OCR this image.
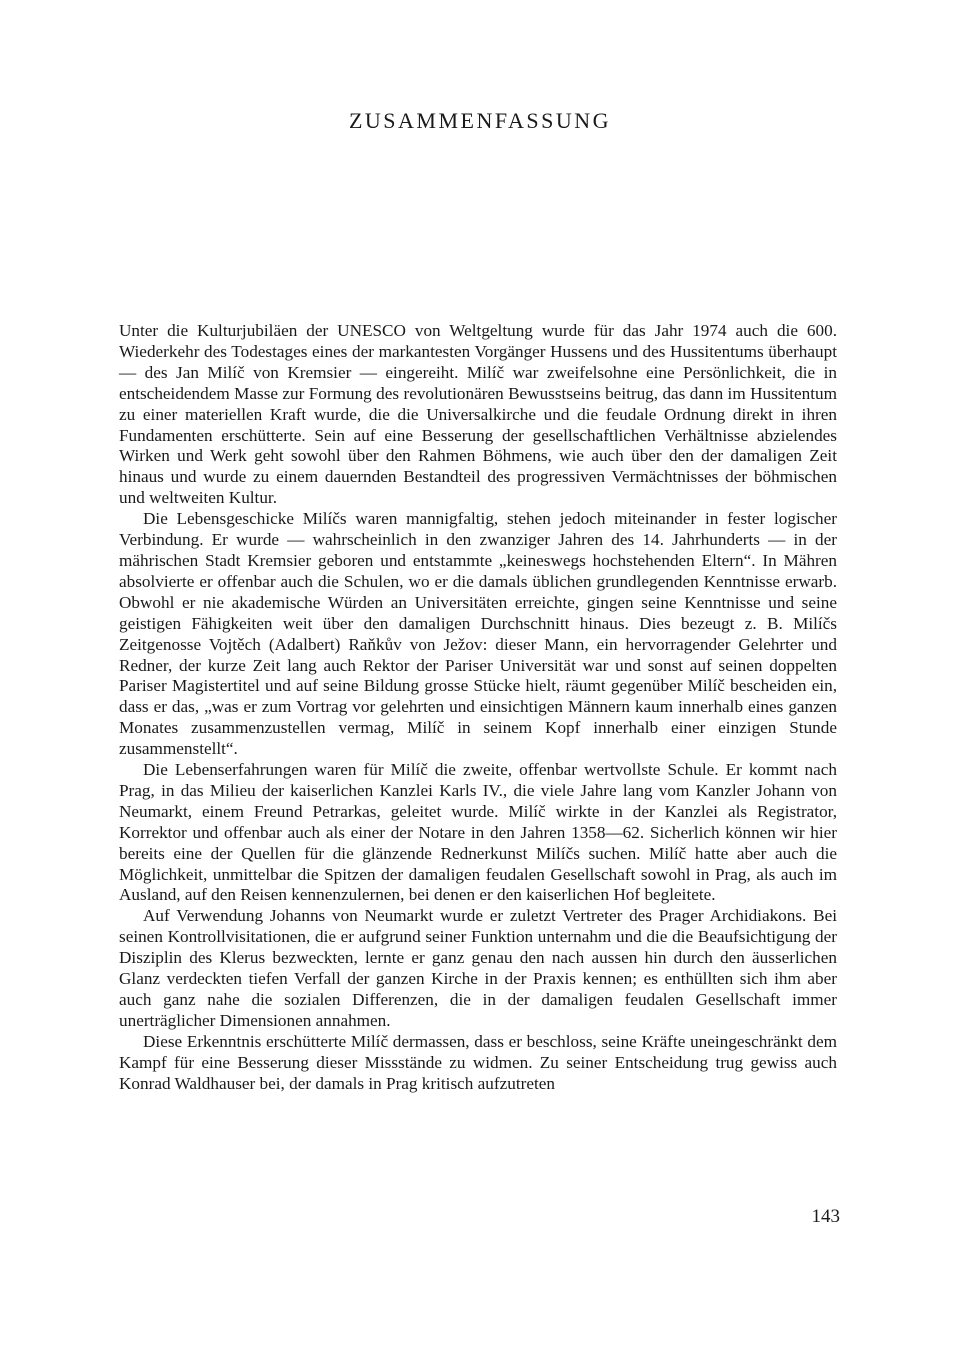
ZUSAMMENFASSUNG

Unter die Kulturjubiläen der UNESCO von Weltgeltung wurde für das Jahr 1974 auch die 600. Wiederkehr des Todestages eines der markantesten Vorgänger Hussens und des Hussitentums überhaupt — des Jan Milíč von Kremsier — eingereiht. Milíč war zweifelsohne eine Persönlichkeit, die in entscheidendem Masse zur Formung des revolutionären Bewusstseins beitrug, das dann im Hussitentum zu einer materiellen Kraft wurde, die die Universalkirche und die feudale Ordnung direkt in ihren Fundamenten erschütterte. Sein auf eine Besserung der gesellschaftlichen Verhältnisse abzielendes Wirken und Werk geht sowohl über den Rahmen Böhmens, wie auch über den der damaligen Zeit hinaus und wurde zu einem dauernden Bestandteil des progressiven Vermächtnisses der böhmischen und weltweiten Kultur.

Die Lebensgeschicke Milíčs waren mannigfaltig, stehen jedoch miteinander in fester logischer Verbindung. Er wurde — wahrscheinlich in den zwanziger Jahren des 14. Jahrhunderts — in der mährischen Stadt Kremsier geboren und entstammte „keineswegs hochstehenden Eltern“. In Mähren absolvierte er offenbar auch die Schulen, wo er die damals üblichen grundlegenden Kenntnisse erwarb. Obwohl er nie akademische Würden an Universitäten erreichte, gingen seine Kenntnisse und seine geistigen Fähigkeiten weit über den damaligen Durchschnitt hinaus. Dies bezeugt z. B. Milíčs Zeitgenosse Vojtěch (Adalbert) Raňkův von Ježov: dieser Mann, ein hervorragender Gelehrter und Redner, der kurze Zeit lang auch Rektor der Pariser Universität war und sonst auf seinen doppelten Pariser Magistertitel und auf seine Bildung grosse Stücke hielt, räumt gegenüber Milíč bescheiden ein, dass er das, „was er zum Vortrag vor gelehrten und einsichtigen Männern kaum innerhalb eines ganzen Monates zusammenzustellen vermag, Milíč in seinem Kopf innerhalb einer einzigen Stunde zusammenstellt“.

Die Lebenserfahrungen waren für Milíč die zweite, offenbar wertvollste Schule. Er kommt nach Prag, in das Milieu der kaiserlichen Kanzlei Karls IV., die viele Jahre lang vom Kanzler Johann von Neumarkt, einem Freund Petrarkas, geleitet wurde. Milíč wirkte in der Kanzlei als Registrator, Korrektor und offenbar auch als einer der Notare in den Jahren 1358—62. Sicherlich können wir hier bereits eine der Quellen für die glänzende Rednerkunst Milíčs suchen. Milíč hatte aber auch die Möglichkeit, unmittelbar die Spitzen der damaligen feudalen Gesellschaft sowohl in Prag, als auch im Ausland, auf den Reisen kennenzulernen, bei denen er den kaiserlichen Hof begleitete.

Auf Verwendung Johanns von Neumarkt wurde er zuletzt Vertreter des Prager Archidiakons. Bei seinen Kontrollvisitationen, die er aufgrund seiner Funktion unternahm und die die Beaufsichtigung der Disziplin des Klerus bezweckten, lernte er ganz genau den nach aussen hin durch den äusserlichen Glanz verdeckten tiefen Verfall der ganzen Kirche in der Praxis kennen; es enthüllten sich ihm aber auch ganz nahe die sozialen Differenzen, die in der damaligen feudalen Gesellschaft immer unerträglicher Dimensionen annahmen.

Diese Erkenntnis erschütterte Milíč dermassen, dass er beschloss, seine Kräfte uneingeschränkt dem Kampf für eine Besserung dieser Missstände zu widmen. Zu seiner Entscheidung trug gewiss auch Konrad Waldhauser bei, der damals in Prag kritisch aufzutreten

143
